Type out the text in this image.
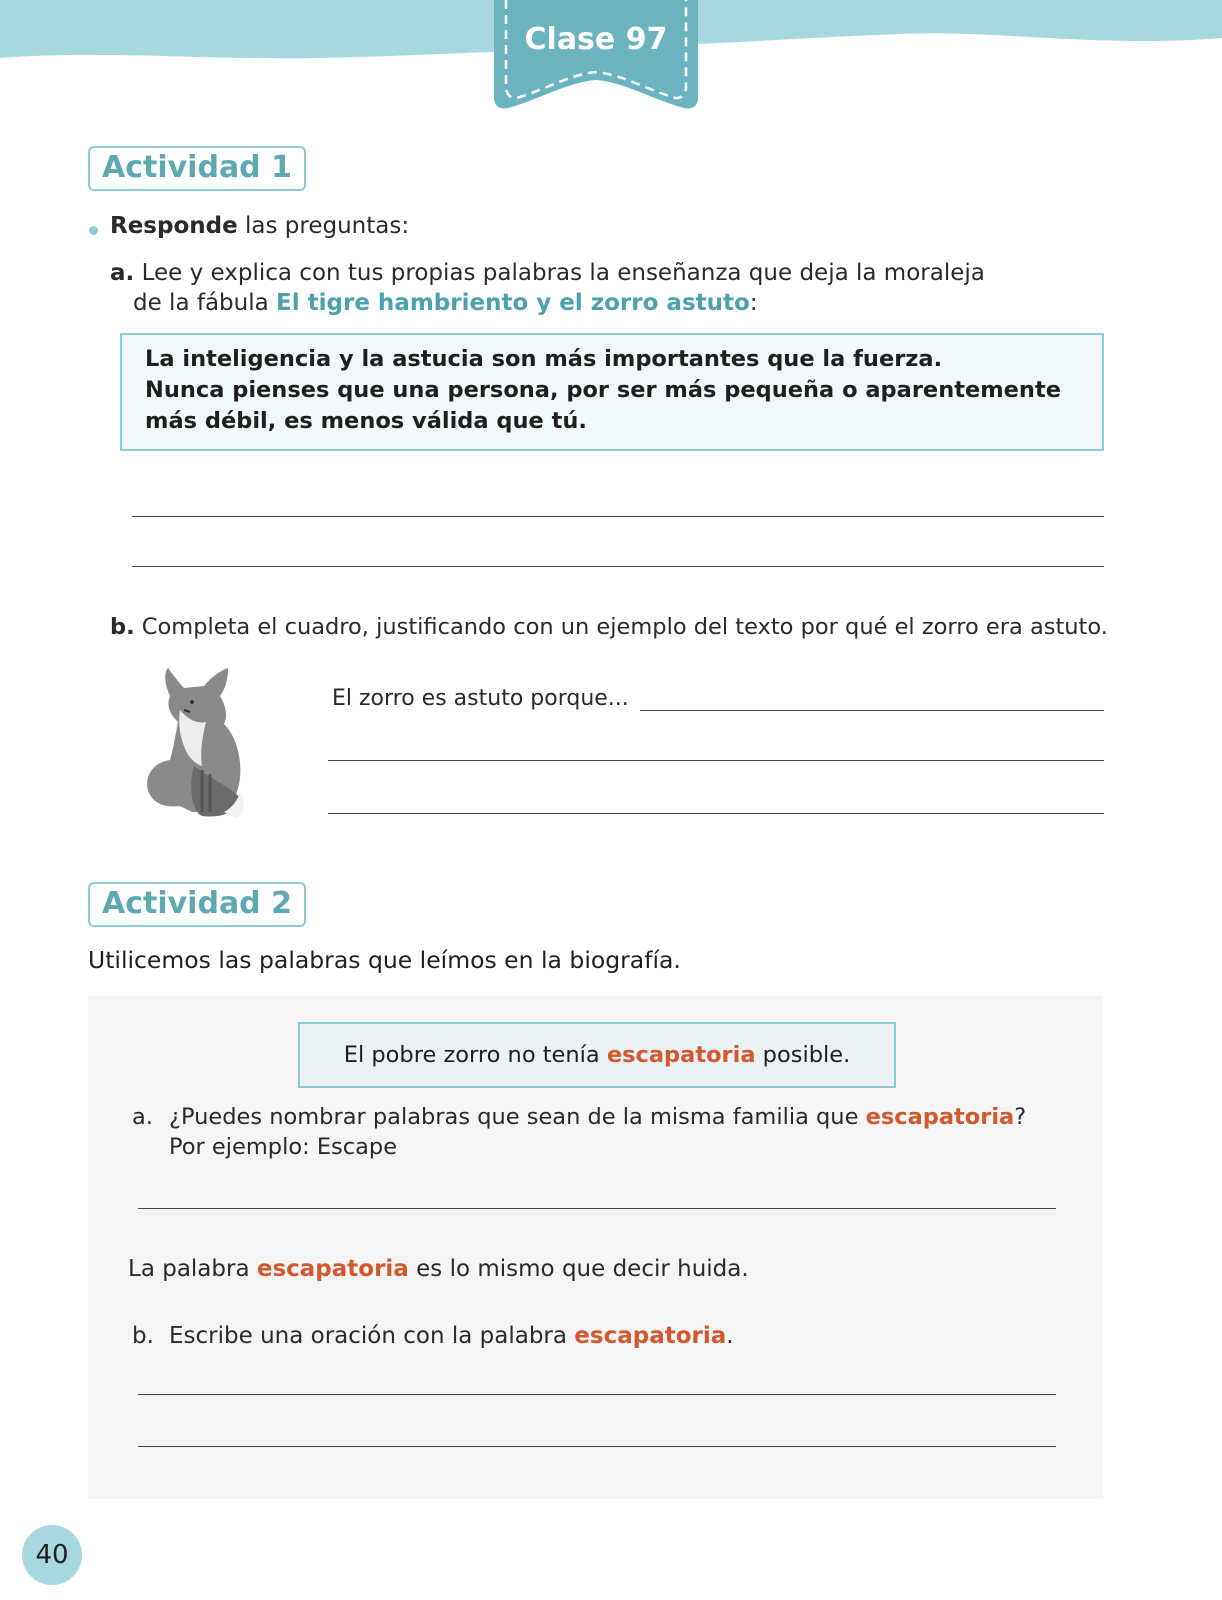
Clase 97
Actividad 1
Responde las preguntas:
a. Lee y explica con tus propias palabras la enseñanza que deja la moraleja
de la fábula El tigre hambriento y el zorro astuto:
La inteligencia y la astucia son más importantes que la fuerza.
Nunca pienses que una persona, por ser más pequeña o aparentemente
más débil, es menos válida que tú.
b. Completa el cuadro, justificando con un ejemplo del texto por qué el zorro era astuto.
El zorro es astuto porque...
Actividad 2
Utilicemos las palabras que leímos en la biografía.
El pobre zorro no tenía escapatoria posible.
a. ¿Puedes nombrar palabras que sean de la misma familia que escapatoria?
Por ejemplo: Escape
La palabra escapatoria es lo mismo que decir huida.
b. Escribe una oración con la palabra escapatoria.
40
